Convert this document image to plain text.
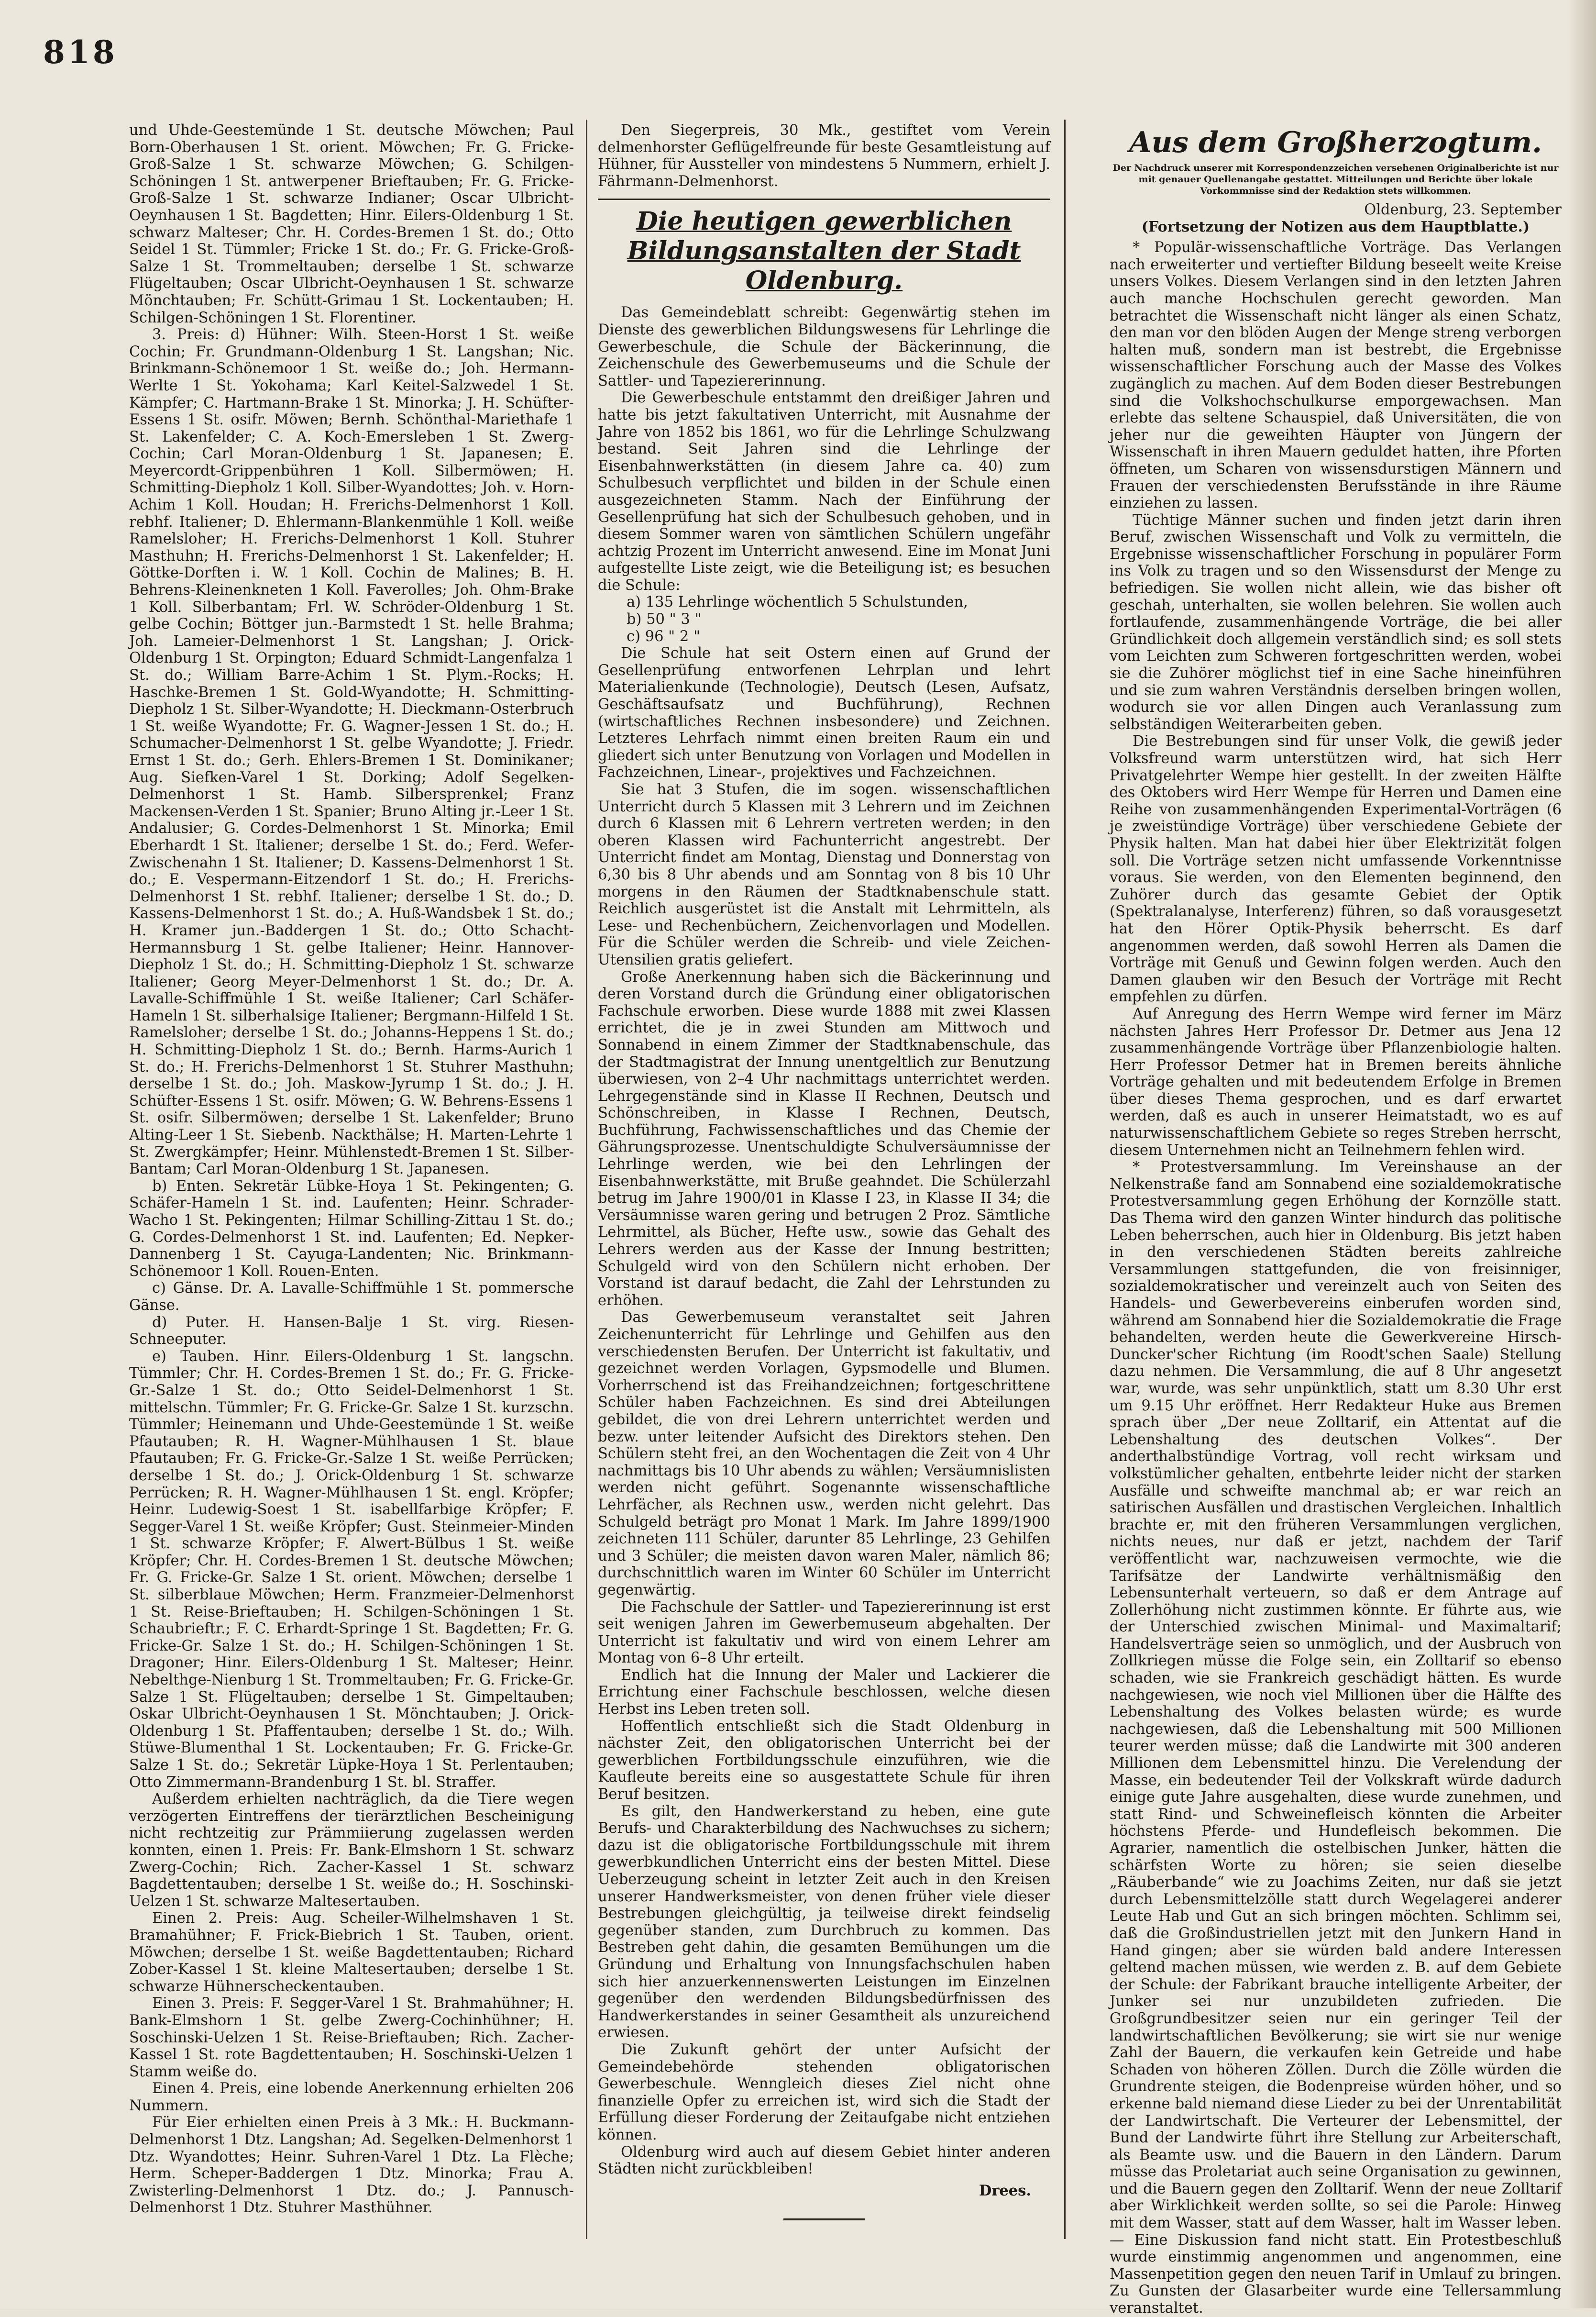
818

und Uhde-Geestemünde 1 St. deutsche Möwchen; Paul Born-Oberhausen 1 St. orient. Möwchen; Fr. G. Fricke-Groß-Salze 1 St. schwarze Möwchen; G. Schilgen-Schöningen 1 St. antwerpener Brieftauben; Fr. G. Fricke-Groß-Salze 1 St. schwarze Indianer; Oscar Ulbricht-Oeynhausen 1 St. Bagdetten; Hinr. Eilers-Oldenburg 1 St. schwarz Malteser; Chr. H. Cordes-Bremen 1 St. do.; Otto Seidel 1 St. Tümmler; Fricke 1 St. do.; Fr. G. Fricke-Groß-Salze 1 St. Trommeltauben; derselbe 1 St. schwarze Flügeltauben; Oscar Ulbricht-Oeynhausen 1 St. schwarze Mönchtauben; Fr. Schütt-Grimau 1 St. Lockentauben; H. Schilgen-Schöningen 1 St. Florentiner.

3. Preis: d) Hühner: Wilh. Steen-Horst 1 St. weiße Cochin; Fr. Grundmann-Oldenburg 1 St. Langshan; Nic. Brinkmann-Schönemoor 1 St. weiße do.; Joh. Hermann-Werlte 1 St. Yokohama; Karl Keitel-Salzwedel 1 St. Kämpfer; C. Hartmann-Brake 1 St. Minorka; J. H. Schüfter-Essens 1 St. osifr. Möwen; Bernh. Schönthal-Mariethafe 1 St. Lakenfelder; C. A. Koch-Emersleben 1 St. Zwerg-Cochin; Carl Moran-Oldenburg 1 St. Japanesen; E. Meyercordt-Grippenbühren 1 Koll. Silbermöwen; H. Schmitting-Diepholz 1 Koll. Silber-Wyandottes; Joh. v. Horn-Achim 1 Koll. Houdan; H. Frerichs-Delmenhorst 1 Koll. rebhf. Italiener; D. Ehlermann-Blankenmühle 1 Koll. weiße Ramelsloher; H. Frerichs-Delmenhorst 1 Koll. Stuhrer Masthuhn; H. Frerichs-Delmenhorst 1 St. Lakenfelder; H. Göttke-Dorften i. W. 1 Koll. Cochin de Malines; B. H. Behrens-Kleinenkneten 1 Koll. Faverolles; Joh. Ohm-Brake 1 Koll. Silberbantam; Frl. W. Schröder-Oldenburg 1 St. gelbe Cochin; Böttger jun.-Barmstedt 1 St. helle Brahma; Joh. Lameier-Delmenhorst 1 St. Langshan; J. Orick-Oldenburg 1 St. Orpington; Eduard Schmidt-Langenfalza 1 St. do.; William Barre-Achim 1 St. Plym.-Rocks; H. Haschke-Bremen 1 St. Gold-Wyandotte; H. Schmitting-Diepholz 1 St. Silber-Wyandotte; H. Dieckmann-Osterbruch 1 St. weiße Wyandotte; Fr. G. Wagner-Jessen 1 St. do.; H. Schumacher-Delmenhorst 1 St. gelbe Wyandotte; J. Friedr. Ernst 1 St. do.; Gerh. Ehlers-Bremen 1 St. Dominikaner; Aug. Siefken-Varel 1 St. Dorking; Adolf Segelken-Delmenhorst 1 St. Hamb. Silbersprenkel; Franz Mackensen-Verden 1 St. Spanier; Bruno Alting jr.-Leer 1 St. Andalusier; G. Cordes-Delmenhorst 1 St. Minorka; Emil Eberhardt 1 St. Italiener; derselbe 1 St. do.; Ferd. Wefer-Zwischenahn 1 St. Italiener; D. Kassens-Delmenhorst 1 St. do.; E. Vespermann-Eitzendorf 1 St. do.; H. Frerichs-Delmenhorst 1 St. rebhf. Italiener; derselbe 1 St. do.; D. Kassens-Delmenhorst 1 St. do.; A. Huß-Wandsbek 1 St. do.; H. Kramer jun.-Baddergen 1 St. do.; Otto Schacht-Hermannsburg 1 St. gelbe Italiener; Heinr. Hannover-Diepholz 1 St. do.; H. Schmitting-Diepholz 1 St. schwarze Italiener; Georg Meyer-Delmenhorst 1 St. do.; Dr. A. Lavalle-Schiffmühle 1 St. weiße Italiener; Carl Schäfer-Hameln 1 St. silberhalsige Italiener; Bergmann-Hilfeld 1 St. Ramelsloher; derselbe 1 St. do.; Johanns-Heppens 1 St. do.; H. Schmitting-Diepholz 1 St. do.; Bernh. Harms-Aurich 1 St. do.; H. Frerichs-Delmenhorst 1 St. Stuhrer Masthuhn; derselbe 1 St. do.; Joh. Maskow-Jyrump 1 St. do.; J. H. Schüfter-Essens 1 St. osifr. Möwen; G. W. Behrens-Essens 1 St. osifr. Silbermöwen; derselbe 1 St. Lakenfelder; Bruno Alting-Leer 1 St. Siebenb. Nackthälse; H. Marten-Lehrte 1 St. Zwergkämpfer; Heinr. Mühlenstedt-Bremen 1 St. Silber-Bantam; Carl Moran-Oldenburg 1 St. Japanesen.

b) Enten. Sekretär Lübke-Hoya 1 St. Pekingenten; G. Schäfer-Hameln 1 St. ind. Laufenten; Heinr. Schrader-Wacho 1 St. Pekingenten; Hilmar Schilling-Zittau 1 St. do.; G. Cordes-Delmenhorst 1 St. ind. Laufenten; Ed. Nepker-Dannenberg 1 St. Cayuga-Landenten; Nic. Brinkmann-Schönemoor 1 Koll. Rouen-Enten.

c) Gänse. Dr. A. Lavalle-Schiffmühle 1 St. pommersche Gänse.

d) Puter. H. Hansen-Balje 1 St. virg. Riesen-Schneeputer.

e) Tauben. Hinr. Eilers-Oldenburg 1 St. langschn. Tümmler; Chr. H. Cordes-Bremen 1 St. do.; Fr. G. Fricke-Gr.-Salze 1 St. do.; Otto Seidel-Delmenhorst 1 St. mittelschn. Tümmler; Fr. G. Fricke-Gr. Salze 1 St. kurzschn. Tümmler; Heinemann und Uhde-Geestemünde 1 St. weiße Pfautauben; R. H. Wagner-Mühlhausen 1 St. blaue Pfautauben; Fr. G. Fricke-Gr.-Salze 1 St. weiße Perrücken; derselbe 1 St. do.; J. Orick-Oldenburg 1 St. schwarze Perrücken; R. H. Wagner-Mühlhausen 1 St. engl. Kröpfer; Heinr. Ludewig-Soest 1 St. isabellfarbige Kröpfer; F. Segger-Varel 1 St. weiße Kröpfer; Gust. Steinmeier-Minden 1 St. schwarze Kröpfer; F. Alwert-Bülbus 1 St. weiße Kröpfer; Chr. H. Cordes-Bremen 1 St. deutsche Möwchen; Fr. G. Fricke-Gr. Salze 1 St. orient. Möwchen; derselbe 1 St. silberblaue Möwchen; Herm. Franzmeier-Delmenhorst 1 St. Reise-Brieftauben; H. Schilgen-Schöningen 1 St. Schaubrieftr.; F. C. Erhardt-Springe 1 St. Bagdetten; Fr. G. Fricke-Gr. Salze 1 St. do.; H. Schilgen-Schöningen 1 St. Dragoner; Hinr. Eilers-Oldenburg 1 St. Malteser; Heinr. Nebelthge-Nienburg 1 St. Trommeltauben; Fr. G. Fricke-Gr. Salze 1 St. Flügeltauben; derselbe 1 St. Gimpeltauben; Oskar Ulbricht-Oeynhausen 1 St. Mönchtauben; J. Orick-Oldenburg 1 St. Pfaffentauben; derselbe 1 St. do.; Wilh. Stüwe-Blumenthal 1 St. Lockentauben; Fr. G. Fricke-Gr. Salze 1 St. do.; Sekretär Lüpke-Hoya 1 St. Perlentauben; Otto Zimmermann-Brandenburg 1 St. bl. Straffer.

Außerdem erhielten nachträglich, da die Tiere wegen verzögerten Eintreffens der tierärztlichen Bescheinigung nicht rechtzeitig zur Prämmiierung zugelassen werden konnten, einen 1. Preis: Fr. Bank-Elmshorn 1 St. schwarz Zwerg-Cochin; Rich. Zacher-Kassel 1 St. schwarz Bagdettentauben; derselbe 1 St. weiße do.; H. Soschinski-Uelzen 1 St. schwarze Maltesertauben.

Einen 2. Preis: Aug. Scheiler-Wilhelmshaven 1 St. Bramahühner; F. Frick-Biebrich 1 St. Tauben, orient. Möwchen; derselbe 1 St. weiße Bagdettentauben; Richard Zober-Kassel 1 St. kleine Maltesertauben; derselbe 1 St. schwarze Hühnerscheckentauben.

Einen 3. Preis: F. Segger-Varel 1 St. Brahmahühner; H. Bank-Elmshorn 1 St. gelbe Zwerg-Cochinhühner; H. Soschinski-Uelzen 1 St. Reise-Brieftauben; Rich. Zacher-Kassel 1 St. rote Bagdettentauben; H. Soschinski-Uelzen 1 Stamm weiße do.

Einen 4. Preis, eine lobende Anerkennung erhielten 206 Nummern.

Für Eier erhielten einen Preis à 3 Mk.: H. Buckmann-Delmenhorst 1 Dtz. Langshan; Ad. Segelken-Delmenhorst 1 Dtz. Wyandottes; Heinr. Suhren-Varel 1 Dtz. La Flèche; Herm. Scheper-Baddergen 1 Dtz. Minorka; Frau A. Zwisterling-Delmenhorst 1 Dtz. do.; J. Pannusch-Delmenhorst 1 Dtz. Stuhrer Masthühner.

Den Siegerpreis, 30 Mk., gestiftet vom Verein delmenhorster Geflügelfreunde für beste Gesamtleistung auf Hühner, für Aussteller von mindestens 5 Nummern, erhielt J. Fährmann-Delmenhorst.

Die heutigen gewerblichen Bildungsanstalten der Stadt Oldenburg.

Das Gemeindeblatt schreibt: Gegenwärtig stehen im Dienste des gewerblichen Bildungswesens für Lehrlinge die Gewerbeschule, die Schule der Bäckerinnung, die Zeichenschule des Gewerbemuseums und die Schule der Sattler- und Tapeziererinnung.

Die Gewerbeschule entstammt den dreißiger Jahren und hatte bis jetzt fakultativen Unterricht, mit Ausnahme der Jahre von 1852 bis 1861, wo für die Lehrlinge Schulzwang bestand. Seit Jahren sind die Lehrlinge der Eisenbahnwerkstätten (in diesem Jahre ca. 40) zum Schulbesuch verpflichtet und bilden in der Schule einen ausgezeichneten Stamm. Nach der Einführung der Gesellenprüfung hat sich der Schulbesuch gehoben, und in diesem Sommer waren von sämtlichen Schülern ungefähr achtzig Prozent im Unterricht anwesend. Eine im Monat Juni aufgestellte Liste zeigt, wie die Beteiligung ist; es besuchen die Schule:

a) 135 Lehrlinge wöchentlich 5 Schulstunden,

b) 50 " 3 "

c) 96 " 2 "

Die Schule hat seit Ostern einen auf Grund der Gesellenprüfung entworfenen Lehrplan und lehrt Materialienkunde (Technologie), Deutsch (Lesen, Aufsatz, Geschäftsaufsatz und Buchführung), Rechnen (wirtschaftliches Rechnen insbesondere) und Zeichnen. Letzteres Lehrfach nimmt einen breiten Raum ein und gliedert sich unter Benutzung von Vorlagen und Modellen in Fachzeichnen, Linear-, projektives und Fachzeichnen.

Sie hat 3 Stufen, die im sogen. wissenschaftlichen Unterricht durch 5 Klassen mit 3 Lehrern und im Zeichnen durch 6 Klassen mit 6 Lehrern vertreten werden; in den oberen Klassen wird Fachunterricht angestrebt. Der Unterricht findet am Montag, Dienstag und Donnerstag von 6,30 bis 8 Uhr abends und am Sonntag von 8 bis 10 Uhr morgens in den Räumen der Stadtknabenschule statt. Reichlich ausgerüstet ist die Anstalt mit Lehrmitteln, als Lese- und Rechenbüchern, Zeichenvorlagen und Modellen. Für die Schüler werden die Schreib- und viele Zeichen-Utensilien gratis geliefert.

Große Anerkennung haben sich die Bäckerinnung und deren Vorstand durch die Gründung einer obligatorischen Fachschule erworben. Diese wurde 1888 mit zwei Klassen errichtet, die je in zwei Stunden am Mittwoch und Sonnabend in einem Zimmer der Stadtknabenschule, das der Stadtmagistrat der Innung unentgeltlich zur Benutzung überwiesen, von 2–4 Uhr nachmittags unterrichtet werden. Lehrgegenstände sind in Klasse II Rechnen, Deutsch und Schönschreiben, in Klasse I Rechnen, Deutsch, Buchführung, Fachwissenschaftliches und das Chemie der Gährungsprozesse. Unentschuldigte Schulversäumnisse der Lehrlinge werden, wie bei den Lehrlingen der Eisenbahnwerkstätte, mit Bruße geahndet. Die Schülerzahl betrug im Jahre 1900/01 in Klasse I 23, in Klasse II 34; die Versäumnisse waren gering und betrugen 2 Proz. Sämtliche Lehrmittel, als Bücher, Hefte usw., sowie das Gehalt des Lehrers werden aus der Kasse der Innung bestritten; Schulgeld wird von den Schülern nicht erhoben. Der Vorstand ist darauf bedacht, die Zahl der Lehrstunden zu erhöhen.

Das Gewerbemuseum veranstaltet seit Jahren Zeichenunterricht für Lehrlinge und Gehilfen aus den verschiedensten Berufen. Der Unterricht ist fakultativ, und gezeichnet werden Vorlagen, Gypsmodelle und Blumen. Vorherrschend ist das Freihandzeichnen; fortgeschrittene Schüler haben Fachzeichnen. Es sind drei Abteilungen gebildet, die von drei Lehrern unterrichtet werden und bezw. unter leitender Aufsicht des Direktors stehen. Den Schülern steht frei, an den Wochentagen die Zeit von 4 Uhr nachmittags bis 10 Uhr abends zu wählen; Versäumnislisten werden nicht geführt. Sogenannte wissenschaftliche Lehrfächer, als Rechnen usw., werden nicht gelehrt. Das Schulgeld beträgt pro Monat 1 Mark. Im Jahre 1899/1900 zeichneten 111 Schüler, darunter 85 Lehrlinge, 23 Gehilfen und 3 Schüler; die meisten davon waren Maler, nämlich 86; durchschnittlich waren im Winter 60 Schüler im Unterricht gegenwärtig.

Die Fachschule der Sattler- und Tapeziererinnung ist erst seit wenigen Jahren im Gewerbemuseum abgehalten. Der Unterricht ist fakultativ und wird von einem Lehrer am Montag von 6–8 Uhr erteilt.

Endlich hat die Innung der Maler und Lackierer die Errichtung einer Fachschule beschlossen, welche diesen Herbst ins Leben treten soll.

Hoffentlich entschließt sich die Stadt Oldenburg in nächster Zeit, den obligatorischen Unterricht bei der gewerblichen Fortbildungsschule einzuführen, wie die Kaufleute bereits eine so ausgestattete Schule für ihren Beruf besitzen.

Es gilt, den Handwerkerstand zu heben, eine gute Berufs- und Charakterbildung des Nachwuchses zu sichern; dazu ist die obligatorische Fortbildungsschule mit ihrem gewerbkundlichen Unterricht eins der besten Mittel. Diese Ueberzeugung scheint in letzter Zeit auch in den Kreisen unserer Handwerksmeister, von denen früher viele dieser Bestrebungen gleichgültig, ja teilweise direkt feindselig gegenüber standen, zum Durchbruch zu kommen. Das Bestreben geht dahin, die gesamten Bemühungen um die Gründung und Erhaltung von Innungsfachschulen haben sich hier anzuerkennenswerten Leistungen im Einzelnen gegenüber den werdenden Bildungsbedürfnissen des Handwerkerstandes in seiner Gesamtheit als unzureichend erwiesen.

Die Zukunft gehört der unter Aufsicht der Gemeindebehörde stehenden obligatorischen Gewerbeschule. Wenngleich dieses Ziel nicht ohne finanzielle Opfer zu erreichen ist, wird sich die Stadt der Erfüllung dieser Forderung der Zeitaufgabe nicht entziehen können.

Oldenburg wird auch auf diesem Gebiet hinter anderen Städten nicht zurückbleiben!

Drees.
Aus dem Großherzogtum.
Der Nachdruck unserer mit Korrespondenzzeichen versehenen Originalberichte ist nur mit genauer Quellenangabe gestattet. Mitteilungen und Berichte über lokale Vorkommnisse sind der Redaktion stets willkommen.
Oldenburg, 23. September
(Fortsetzung der Notizen aus dem Hauptblatte.)

* Populär-wissenschaftliche Vorträge. Das Verlangen nach erweiterter und vertiefter Bildung beseelt weite Kreise unsers Volkes. Diesem Verlangen sind in den letzten Jahren auch manche Hochschulen gerecht geworden. Man betrachtet die Wissenschaft nicht länger als einen Schatz, den man vor den blöden Augen der Menge streng verborgen halten muß, sondern man ist bestrebt, die Ergebnisse wissenschaftlicher Forschung auch der Masse des Volkes zugänglich zu machen. Auf dem Boden dieser Bestrebungen sind die Volkshochschulkurse emporgewachsen. Man erlebte das seltene Schauspiel, daß Universitäten, die von jeher nur die geweihten Häupter von Jüngern der Wissenschaft in ihren Mauern geduldet hatten, ihre Pforten öffneten, um Scharen von wissensdurstigen Männern und Frauen der verschiedensten Berufsstände in ihre Räume einziehen zu lassen.

Tüchtige Männer suchen und finden jetzt darin ihren Beruf, zwischen Wissenschaft und Volk zu vermitteln, die Ergebnisse wissenschaftlicher Forschung in populärer Form ins Volk zu tragen und so den Wissensdurst der Menge zu befriedigen. Sie wollen nicht allein, wie das bisher oft geschah, unterhalten, sie wollen belehren. Sie wollen auch fortlaufende, zusammenhängende Vorträge, die bei aller Gründlichkeit doch allgemein verständlich sind; es soll stets vom Leichten zum Schweren fortgeschritten werden, wobei sie die Zuhörer möglichst tief in eine Sache hineinführen und sie zum wahren Verständnis derselben bringen wollen, wodurch sie vor allen Dingen auch Veranlassung zum selbständigen Weiterarbeiten geben.

Die Bestrebungen sind für unser Volk, die gewiß jeder Volksfreund warm unterstützen wird, hat sich Herr Privatgelehrter Wempe hier gestellt. In der zweiten Hälfte des Oktobers wird Herr Wempe für Herren und Damen eine Reihe von zusammenhängenden Experimental-Vorträgen (6 je zweistündige Vorträge) über verschiedene Gebiete der Physik halten. Man hat dabei hier über Elektrizität folgen soll. Die Vorträge setzen nicht umfassende Vorkenntnisse voraus. Sie werden, von den Elementen beginnend, den Zuhörer durch das gesamte Gebiet der Optik (Spektralanalyse, Interferenz) führen, so daß vorausgesetzt hat den Hörer Optik-Physik beherrscht. Es darf angenommen werden, daß sowohl Herren als Damen die Vorträge mit Genuß und Gewinn folgen werden. Auch den Damen glauben wir den Besuch der Vorträge mit Recht empfehlen zu dürfen.

Auf Anregung des Herrn Wempe wird ferner im März nächsten Jahres Herr Professor Dr. Detmer aus Jena 12 zusammenhängende Vorträge über Pflanzenbiologie halten. Herr Professor Detmer hat in Bremen bereits ähnliche Vorträge gehalten und mit bedeutendem Erfolge in Bremen über dieses Thema gesprochen, und es darf erwartet werden, daß es auch in unserer Heimatstadt, wo es auf naturwissenschaftlichem Gebiete so reges Streben herrscht, diesem Unternehmen nicht an Teilnehmern fehlen wird.

* Protestversammlung. Im Vereinshause an der Nelkenstraße fand am Sonnabend eine sozialdemokratische Protestversammlung gegen Erhöhung der Kornzölle statt. Das Thema wird den ganzen Winter hindurch das politische Leben beherrschen, auch hier in Oldenburg. Bis jetzt haben in den verschiedenen Städten bereits zahlreiche Versammlungen stattgefunden, die von freisinniger, sozialdemokratischer und vereinzelt auch von Seiten des Handels- und Gewerbevereins einberufen worden sind, während am Sonnabend hier die Sozialdemokratie die Frage behandelten, werden heute die Gewerkvereine Hirsch-Duncker'scher Richtung (im Roodt'schen Saale) Stellung dazu nehmen. Die Versammlung, die auf 8 Uhr angesetzt war, wurde, was sehr unpünktlich, statt um 8.30 Uhr erst um 9.15 Uhr eröffnet. Herr Redakteur Huke aus Bremen sprach über „Der neue Zolltarif, ein Attentat auf die Lebenshaltung des deutschen Volkes“. Der anderthalbstündige Vortrag, voll recht wirksam und volkstümlicher gehalten, entbehrte leider nicht der starken Ausfälle und schweifte manchmal ab; er war reich an satirischen Ausfällen und drastischen Vergleichen. Inhaltlich brachte er, mit den früheren Versammlungen verglichen, nichts neues, nur daß er jetzt, nachdem der Tarif veröffentlicht war, nachzuweisen vermochte, wie die Tarifsätze der Landwirte verhältnismäßig den Lebensunterhalt verteuern, so daß er dem Antrage auf Zollerhöhung nicht zustimmen könnte. Er führte aus, wie der Unterschied zwischen Minimal- und Maximaltarif; Handelsverträge seien so unmöglich, und der Ausbruch von Zollkriegen müsse die Folge sein, ein Zolltarif so ebenso schaden, wie sie Frankreich geschädigt hätten. Es wurde nachgewiesen, wie noch viel Millionen über die Hälfte des Lebenshaltung des Volkes belasten würde; es wurde nachgewiesen, daß die Lebenshaltung mit 500 Millionen teurer werden müsse; daß die Landwirte mit 300 anderen Millionen dem Lebensmittel hinzu. Die Verelendung der Masse, ein bedeutender Teil der Volkskraft würde dadurch einige gute Jahre ausgehalten, diese wurde zunehmen, und statt Rind- und Schweinefleisch könnten die Arbeiter höchstens Pferde- und Hundefleisch bekommen. Die Agrarier, namentlich die ostelbischen Junker, hätten die schärfsten Worte zu hören; sie seien dieselbe „Räuberbande“ wie zu Joachims Zeiten, nur daß sie jetzt durch Lebensmittelzölle statt durch Wegelagerei anderer Leute Hab und Gut an sich bringen möchten. Schlimm sei, daß die Großindustriellen jetzt mit den Junkern Hand in Hand gingen; aber sie würden bald andere Interessen geltend machen müssen, wie werden z. B. auf dem Gebiete der Schule: der Fabrikant brauche intelligente Arbeiter, der Junker sei nur unzubildeten zufrieden. Die Großgrundbesitzer seien nur ein geringer Teil der landwirtschaftlichen Bevölkerung; sie wirt sie nur wenige Zahl der Bauern, die verkaufen kein Getreide und habe Schaden von höheren Zöllen. Durch die Zölle würden die Grundrente steigen, die Bodenpreise würden höher, und so erkenne bald niemand diese Lieder zu bei der Unrentabilität der Landwirtschaft. Die Verteurer der Lebensmittel, der Bund der Landwirte führt ihre Stellung zur Arbeiterschaft, als Beamte usw. und die Bauern in den Ländern. Darum müsse das Proletariat auch seine Organisation zu gewinnen, und die Bauern gegen den Zolltarif. Wenn der neue Zolltarif aber Wirklichkeit werden sollte, so sei die Parole: Hinweg mit dem Wasser, statt auf dem Wasser, halt im Wasser leben. — Eine Diskussion fand nicht statt. Ein Protestbeschluß wurde einstimmig angenommen und angenommen, eine Massenpetition gegen den neuen Tarif in Umlauf zu bringen. Zu Gunsten der Glasarbeiter wurde eine Tellersammlung veranstaltet.
